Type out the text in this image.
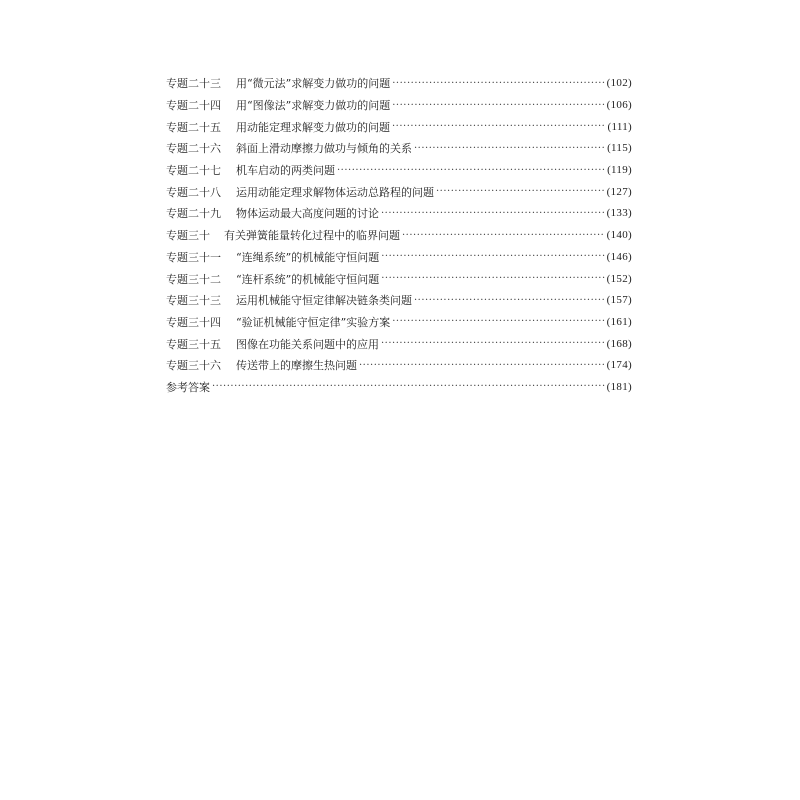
专题二十三	用“微元法”求解变力做功的问题 ·····	(102)
专题二十四	用“图像法”求解变力做功的问题 ·····	(106)
专题二十五	用动能定理求解变力做功的问题 ·····	(111)
专题二十六	斜面上滑动摩擦力做功与倾角的关系 ·····	(115)
专题二十七	机车启动的两类问题 ·····	(119)
专题二十八	运用动能定理求解物体运动总路程的问题 ·····	(127)
专题二十九	物体运动最大高度问题的讨论 ·····	(133)
专题三十	有关弹簧能量转化过程中的临界问题 ·····	(140)
专题三十一	“连绳系统”的机械能守恒问题 ·····	(146)
专题三十二	“连杆系统”的机械能守恒问题 ·····	(152)
专题三十三	运用机械能守恒定律解决链条类问题 ·····	(157)
专题三十四	“验证机械能守恒定律”实验方案 ·····	(161)
专题三十五	图像在功能关系问题中的应用 ·····	(168)
专题三十六	传送带上的摩擦生热问题 ·····	(174)
参考答案 ·····	(181)
